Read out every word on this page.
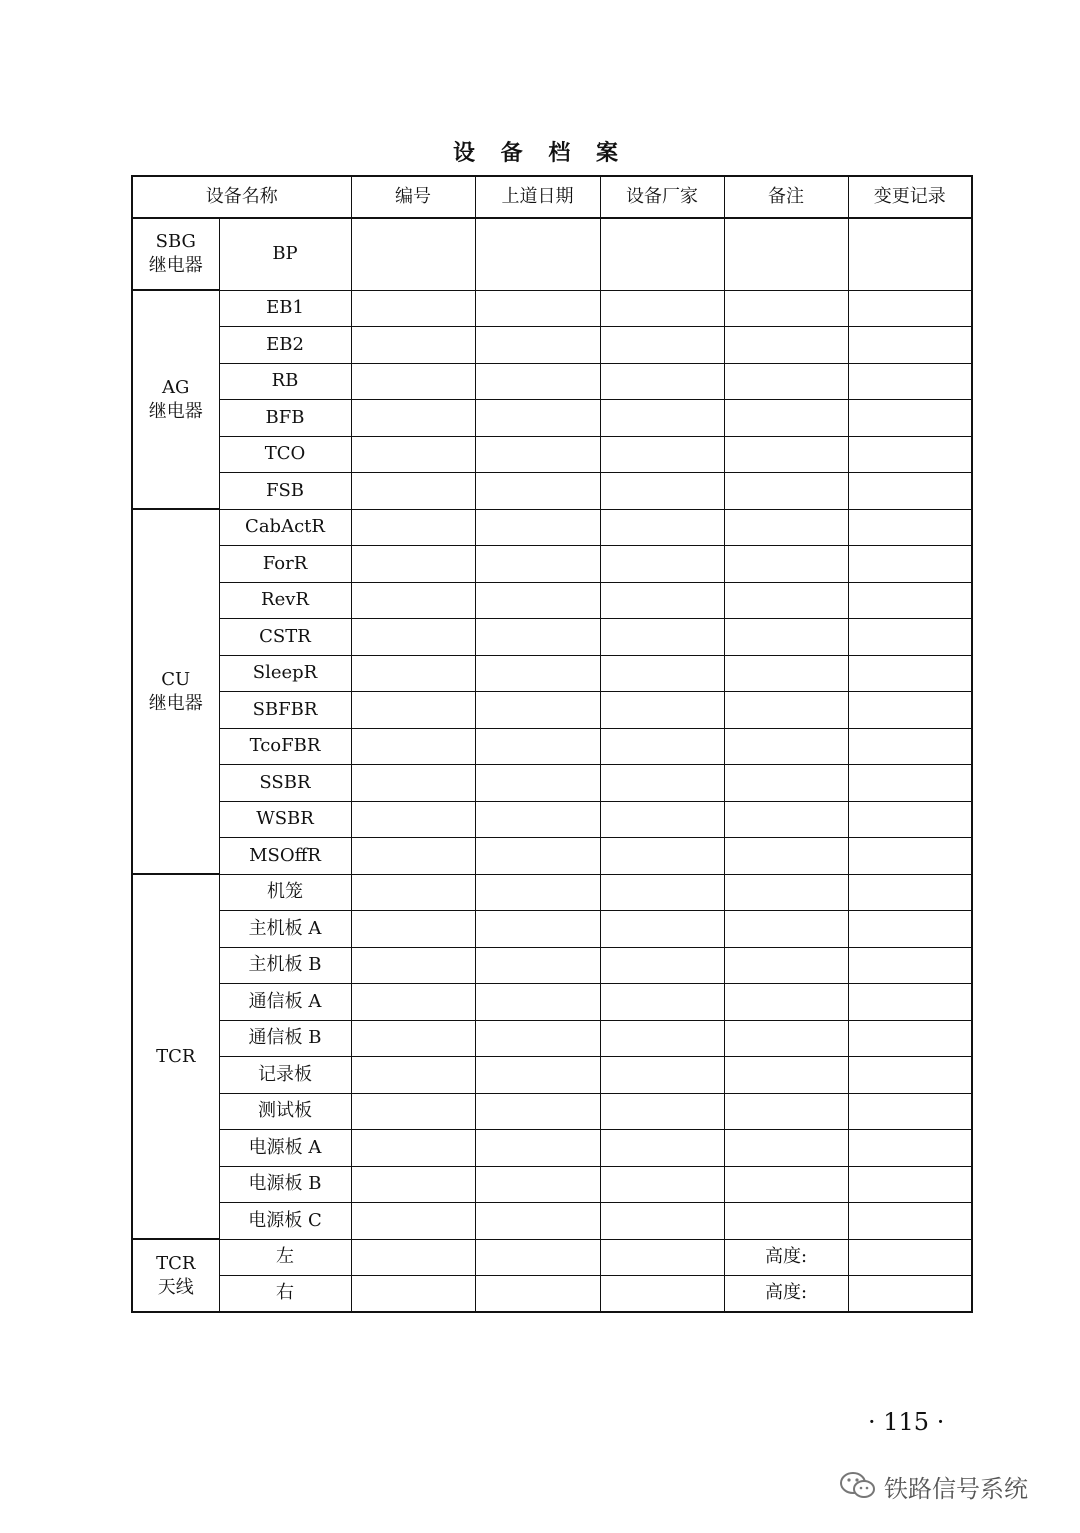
设 备 档 案
设备名称		编号	上道日期	设备厂家	备注	变更记录

SBG
继电器	BP					

AG
继电器	EB1					
	EB2					
	RB					
	BFB					
	TCO					
	FSB					

CU
继电器	CabActR					
	ForR					
	RevR					
	CSTR					
	SleepR					
	SBFBR					
	TcoFBR					
	SSBR					
	WSBR					
	MSOffR					

TCR	机笼					
	主机板 A					
	主机板 B					
	通信板 A					
	通信板 B					
	记录板					
	测试板					
	电源板 A					
	电源板 B					
	电源板 C					

TCR
天线	左				高度:	
	右				高度:	
· 115 ·
铁路信号系统
